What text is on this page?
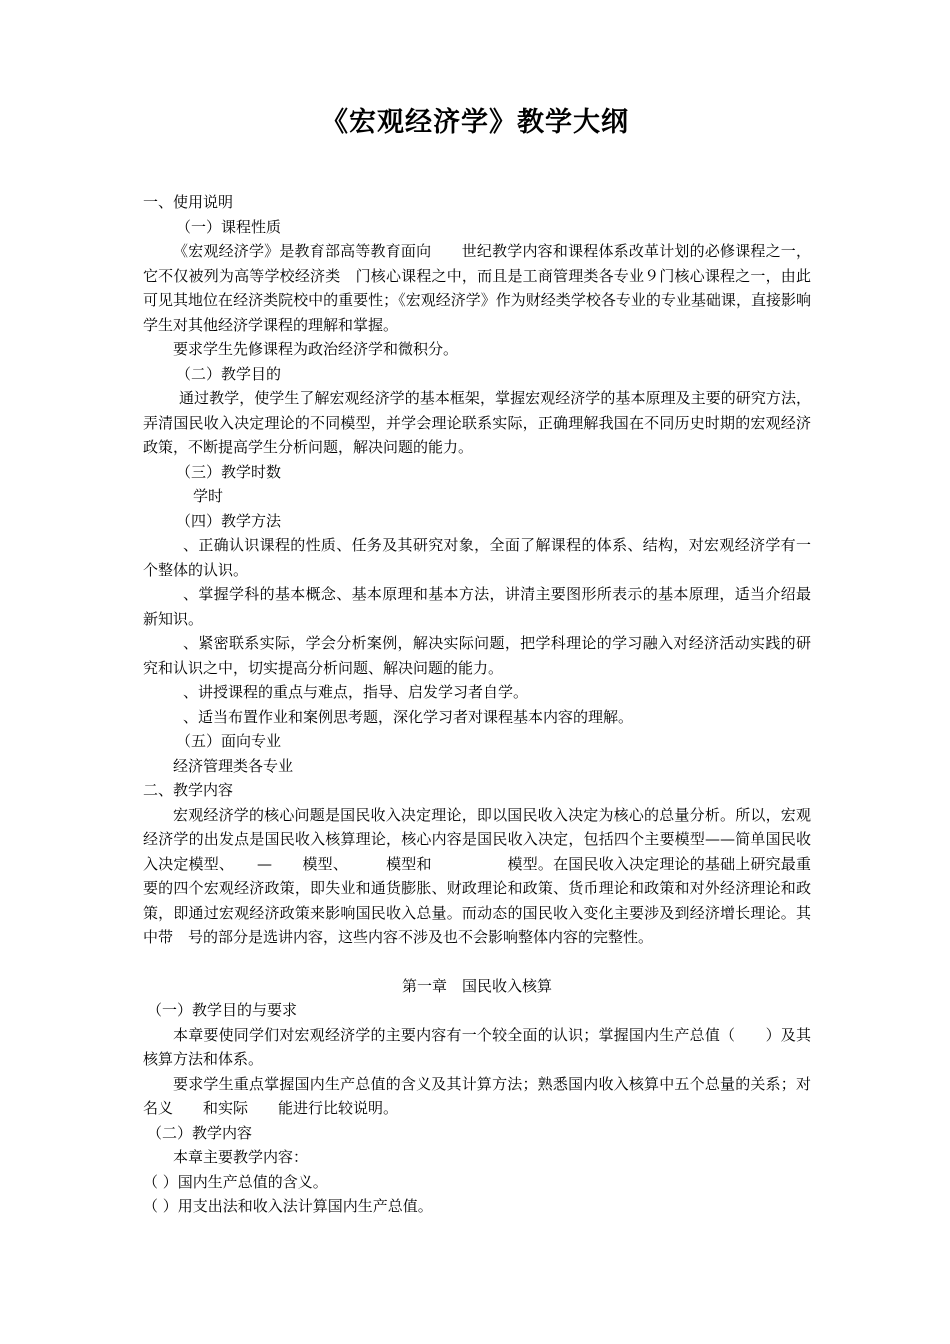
《宏观经济学》教学大纲

一、使用说明

（一）课程性质

《宏观经济学》是教育部高等教育面向　　世纪教学内容和课程体系改革计划的必修课程之一，它不仅被列为高等学校经济类　门核心课程之中，而且是工商管理类各专业９门核心课程之一，由此可见其地位在经济类院校中的重要性；《宏观经济学》作为财经类学校各专业的专业基础课，直接影响学生对其他经济学课程的理解和掌握。

要求学生先修课程为政治经济学和微积分。

（二）教学目的

通过教学，使学生了解宏观经济学的基本框架，掌握宏观经济学的基本原理及主要的研究方法，弄清国民收入决定理论的不同模型，并学会理论联系实际，正确理解我国在不同历史时期的宏观经济政策，不断提高学生分析问题，解决问题的能力。

（三）教学时数

学时

（四）教学方法

、正确认识课程的性质、任务及其研究对象，全面了解课程的体系、结构，对宏观经济学有一个整体的认识。

、掌握学科的基本概念、基本原理和基本方法，讲清主要图形所表示的基本原理，适当介绍最新知识。

、紧密联系实际，学会分析案例，解决实际问题，把学科理论的学习融入对经济活动实践的研究和认识之中，切实提高分析问题、解决问题的能力。

、讲授课程的重点与难点，指导、启发学习者自学。

、适当布置作业和案例思考题，深化学习者对课程基本内容的理解。

（五）面向专业

经济管理类各专业

二、教学内容

宏观经济学的核心问题是国民收入决定理论，即以国民收入决定为核心的总量分析。所以，宏观经济学的出发点是国民收入核算理论，核心内容是国民收入决定，包括四个主要模型——简单国民收入决定模型、　　—　　模型、　　　模型和　　　　　模型。在国民收入决定理论的基础上研究最重要的四个宏观经济政策，即失业和通货膨胀、财政理论和政策、货币理论和政策和对外经济理论和政策，即通过宏观经济政策来影响国民收入总量。而动态的国民收入变化主要涉及到经济增长理论。其中带　号的部分是选讲内容，这些内容不涉及也不会影响整体内容的完整性。

第一章　国民收入核算

（一）教学目的与要求

本章要使同学们对宏观经济学的主要内容有一个较全面的认识；掌握国内生产总值（　　）及其核算方法和体系。

要求学生重点掌握国内生产总值的含义及其计算方法；熟悉国内收入核算中五个总量的关系；对名义　　和实际　　能进行比较说明。

（二）教学内容

本章主要教学内容：

（ ）国内生产总值的含义。

（ ）用支出法和收入法计算国内生产总值。
